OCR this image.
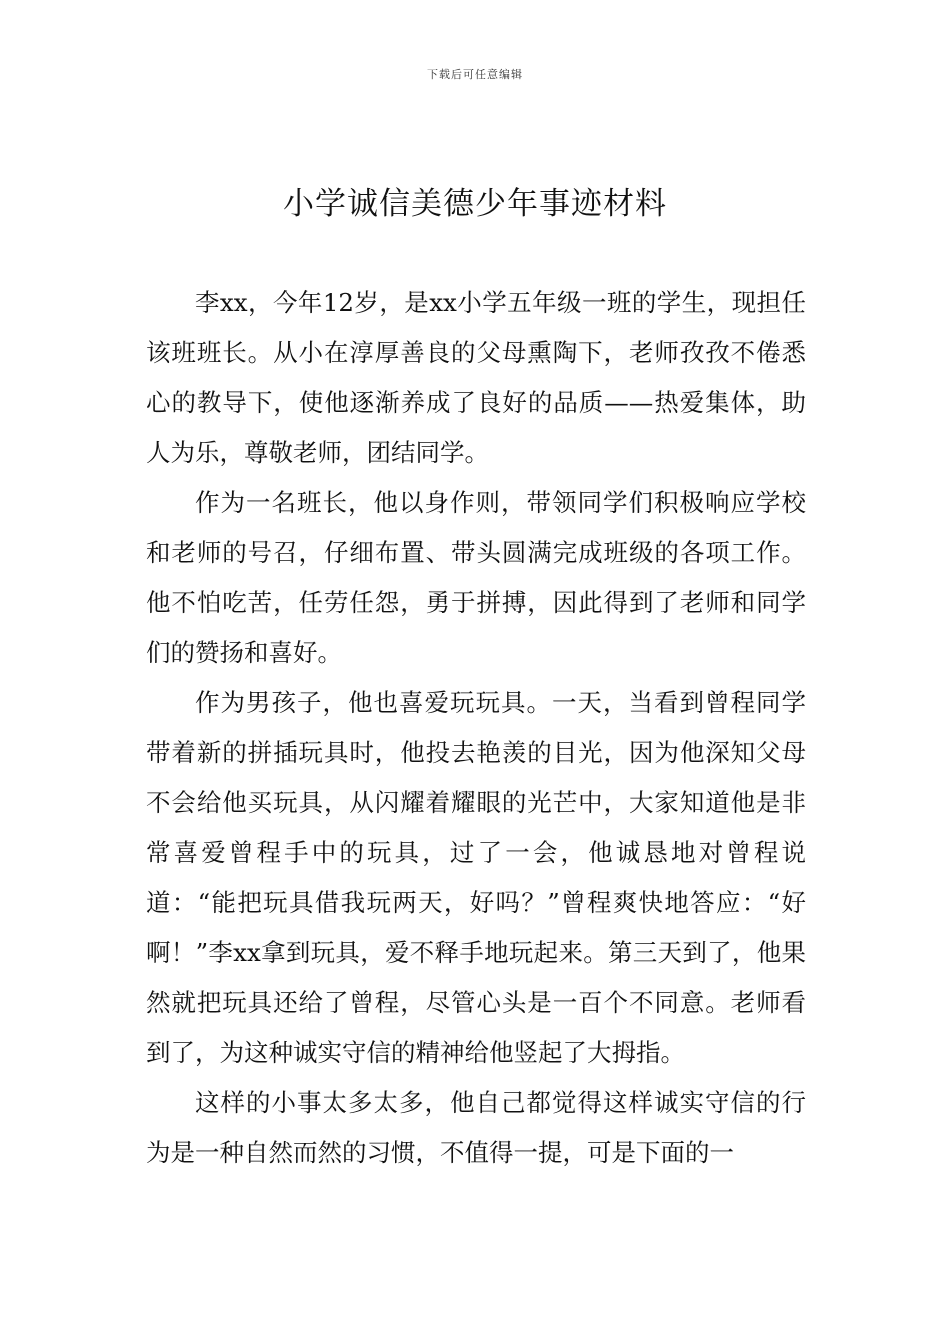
下载后可任意编辑
小学诚信美德少年事迹材料

李xx，今年12岁，是xx小学五年级一班的学生，现担任该班班长。从小在淳厚善良的父母熏陶下，老师孜孜不倦悉心的教导下，使他逐渐养成了良好的品质——热爱集体，助人为乐，尊敬老师，团结同学。

作为一名班长，他以身作则，带领同学们积极响应学校和老师的号召，仔细布置、带头圆满完成班级的各项工作。他不怕吃苦，任劳任怨，勇于拼搏，因此得到了老师和同学们的赞扬和喜好。

作为男孩子，他也喜爱玩玩具。一天，当看到曾程同学带着新的拼插玩具时，他投去艳羡的目光，因为他深知父母不会给他买玩具，从闪耀着耀眼的光芒中，大家知道他是非常喜爱曾程手中的玩具，过了一会，他诚恳地对曾程说道：“能把玩具借我玩两天，好吗？”曾程爽快地答应：“好啊！”李xx拿到玩具，爱不释手地玩起来。第三天到了，他果然就把玩具还给了曾程，尽管心头是一百个不同意。老师看到了，为这种诚实守信的精神给他竖起了大拇指。

这样的小事太多太多，他自己都觉得这样诚实守信的行为是一种自然而然的习惯，不值得一提，可是下面的一
